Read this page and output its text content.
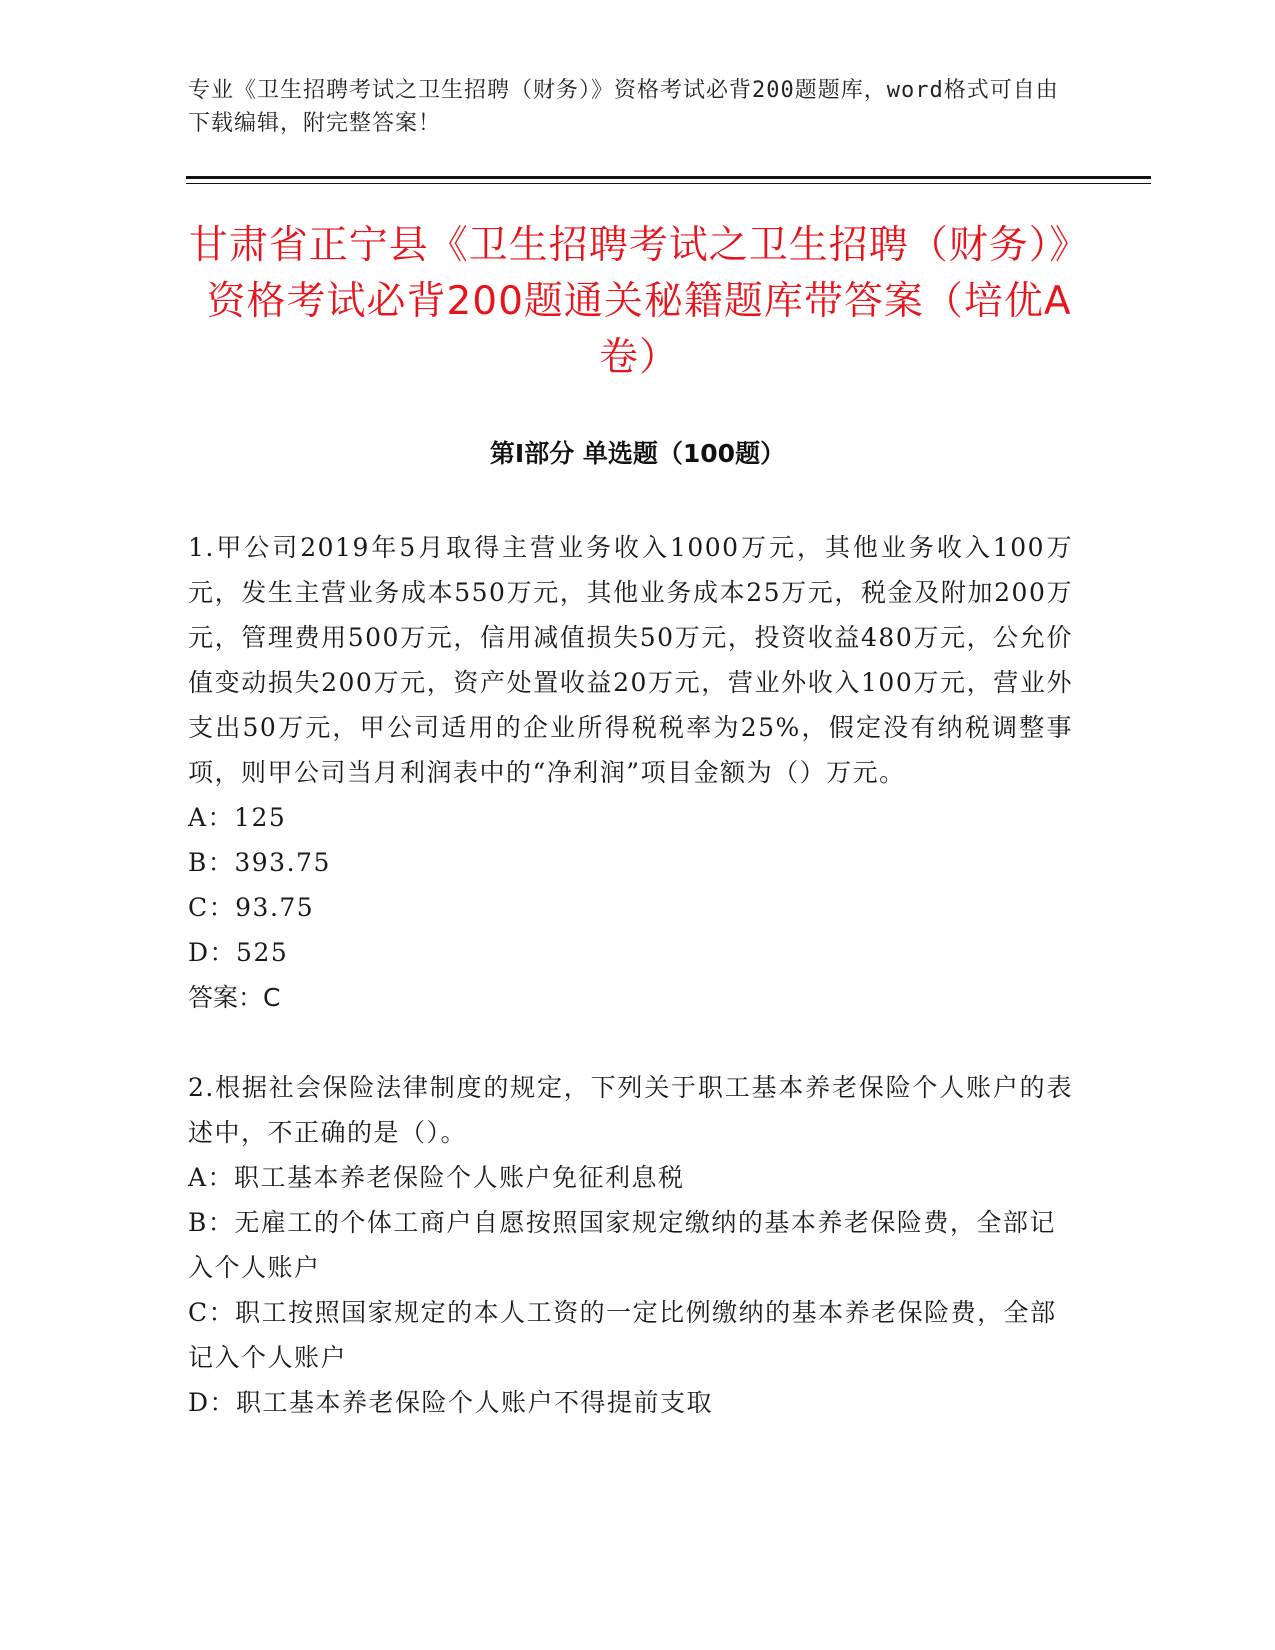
专业《卫生招聘考试之卫生招聘（财务）》资格考试必背200题题库，word格式可自由下载编辑，附完整答案！
甘肃省正宁县《卫生招聘考试之卫生招聘（财务）》资格考试必背200题通关秘籍题库带答案（培优A卷）
第Ⅰ部分 单选题（100题）

1.甲公司2019年5月取得主营业务收入1000万元，其他业务收入100万元，发生主营业务成本550万元，其他业务成本25万元，税金及附加200万元，管理费用500万元，信用减值损失50万元，投资收益480万元，公允价值变动损失200万元，资产处置收益20万元，营业外收入100万元，营业外支出50万元，甲公司适用的企业所得税税率为25%，假定没有纳税调整事项，则甲公司当月利润表中的“净利润”项目金额为（）万元。

A：125

B：393.75

C：93.75

D：525

答案：C

2.根据社会保险法律制度的规定，下列关于职工基本养老保险个人账户的表述中，不正确的是（）。

A：职工基本养老保险个人账户免征利息税

B：无雇工的个体工商户自愿按照国家规定缴纳的基本养老保险费，全部记入个人账户

C：职工按照国家规定的本人工资的一定比例缴纳的基本养老保险费，全部记入个人账户

D：职工基本养老保险个人账户不得提前支取
